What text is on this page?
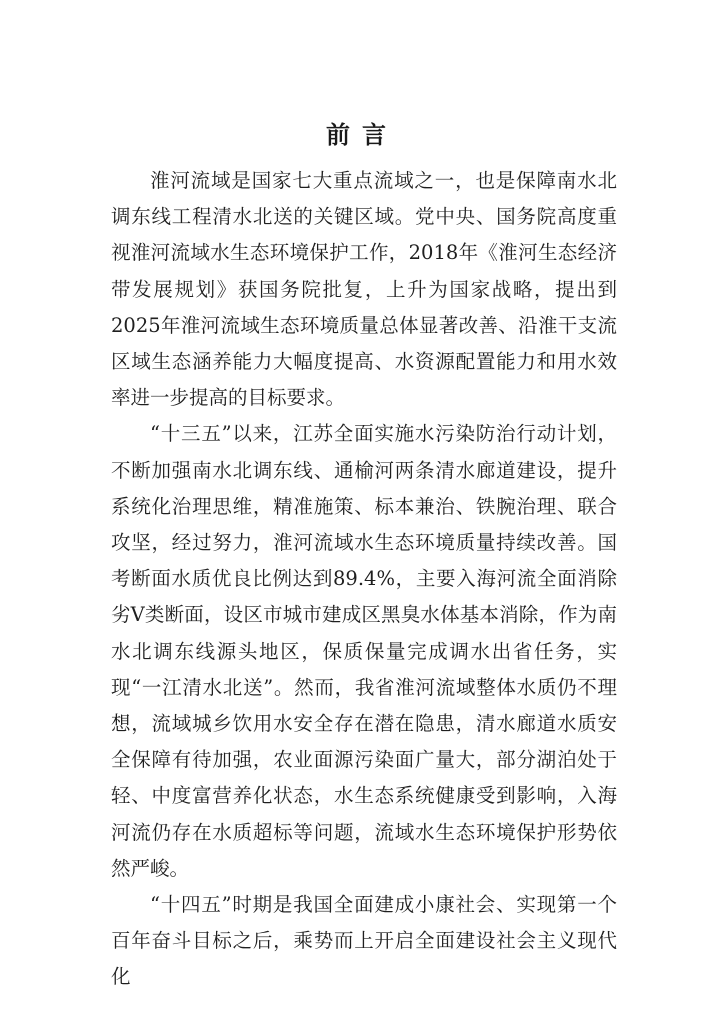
前言

淮河流域是国家七大重点流域之一，也是保障南水北调东线工程清水北送的关键区域。党中央、国务院高度重视淮河流域水生态环境保护工作，2018年《淮河生态经济带发展规划》获国务院批复，上升为国家战略，提出到2025年淮河流域生态环境质量总体显著改善、沿淮干支流区域生态涵养能力大幅度提高、水资源配置能力和用水效率进一步提高的目标要求。

“十三五”以来，江苏全面实施水污染防治行动计划，不断加强南水北调东线、通榆河两条清水廊道建设，提升系统化治理思维，精准施策、标本兼治、铁腕治理、联合攻坚，经过努力，淮河流域水生态环境质量持续改善。国考断面水质优良比例达到89.4%，主要入海河流全面消除劣V类断面，设区市城市建成区黑臭水体基本消除，作为南水北调东线源头地区，保质保量完成调水出省任务，实现“一江清水北送”。然而，我省淮河流域整体水质仍不理想，流域城乡饮用水安全存在潜在隐患，清水廊道水质安全保障有待加强，农业面源污染面广量大，部分湖泊处于轻、中度富营养化状态，水生态系统健康受到影响，入海河流仍存在水质超标等问题，流域水生态环境保护形势依然严峻。

“十四五”时期是我国全面建成小康社会、实现第一个百年奋斗目标之后，乘势而上开启全面建设社会主义现代化
